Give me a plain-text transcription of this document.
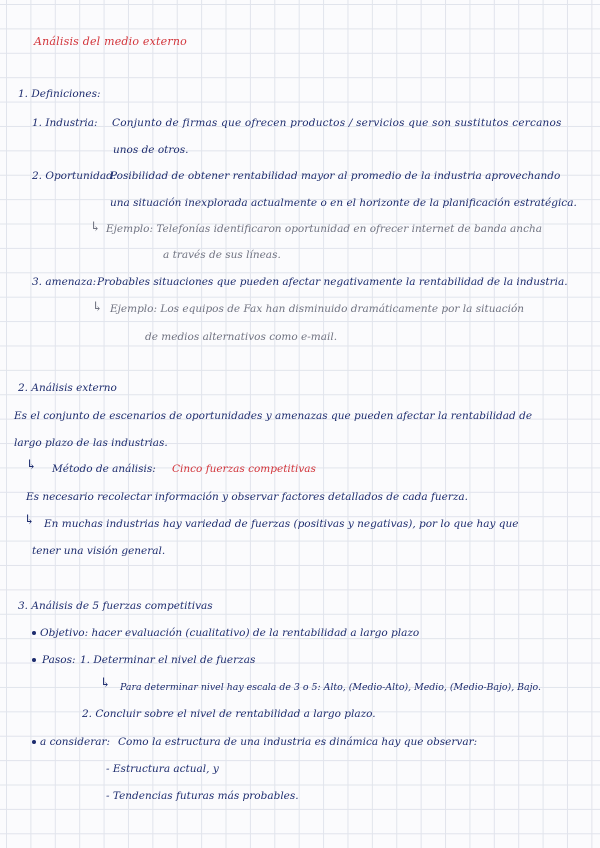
Análisis del medio externo
1. Definiciones:
1. Industria: Conjunto de firmas que ofrecen productos / servicios que son sustitutos cercanos
unos de otros.
2. Oportunidad:
Posibilidad de obtener rentabilidad mayor al promedio de la industria aprovechando
una situación inexplorada actualmente o en el horizonte de la planificación estratégica.
↳ Ejemplo: Telefonías identificaron oportunidad en ofrecer internet de banda ancha
a través de sus líneas.
3. amenaza: Probables situaciones que pueden afectar negativamente la rentabilidad de la industria.
↳ Ejemplo: Los equipos de Fax han disminuido dramáticamente por la situación
de medios alternativos como e-mail.
2. Análisis externo
Es el conjunto de escenarios de oportunidades y amenazas que pueden afectar la rentabilidad de
largo plazo de las industrias.
↳ Método de análisis: Cinco fuerzas competitivas
Es necesario recolectar información y observar factores detallados de cada fuerza.
↳ En muchas industrias hay variedad de fuerzas (positivas y negativas), por lo que hay que
tener una visión general.
3. Análisis de 5 fuerzas competitivas
Objetivo: hacer evaluación (cualitativo) de la rentabilidad a largo plazo
Pasos: 1. Determinar el nivel de fuerzas
↳ Para determinar nivel hay escala de 3 o 5: Alto, (Medio-Alto), Medio, (Medio-Bajo), Bajo.
2. Concluir sobre el nivel de rentabilidad a largo plazo.
a considerar: Como la estructura de una industria es dinámica hay que observar:
- Estructura actual, y
- Tendencias futuras más probables.
